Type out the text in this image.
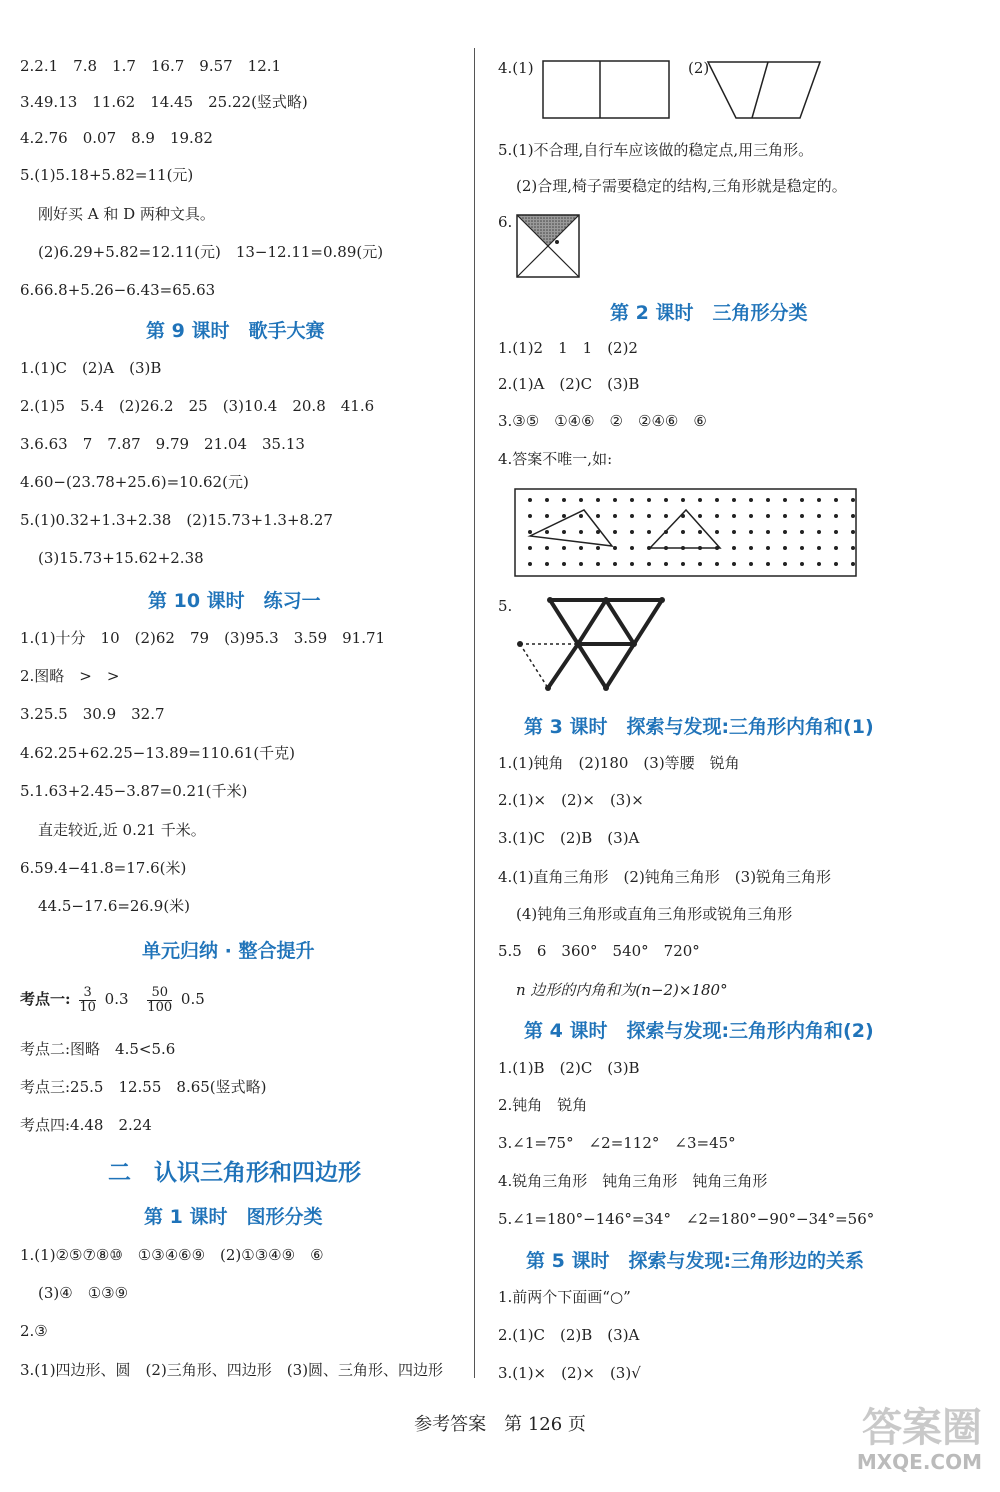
2.2.1　7.8　1.7　16.7　9.57　12.1
3.49.13　11.62　14.45　25.22(竖式略)
4.2.76　0.07　8.9　19.82
5.(1)5.18+5.82=11(元)
刚好买 A 和 D 两种文具。
(2)6.29+5.82=12.11(元)　13−12.11=0.89(元)
6.66.8+5.26−6.43=65.63
第 9 课时　歌手大赛
1.(1)C　(2)A　(3)B
2.(1)5　5.4　(2)26.2　25　(3)10.4　20.8　41.6
3.6.63　7　7.87　9.79　21.04　35.13
4.60−(23.78+25.6)=10.62(元)
5.(1)0.32+1.3+2.38　(2)15.73+1.3+8.27
(3)15.73+15.62+2.38
第 10 课时　练习一
1.(1)十分　10　(2)62　79　(3)95.3　3.59　91.71
2.图略　>　>
3.25.5　30.9　32.7
4.62.25+62.25−13.89=110.61(千克)
5.1.63+2.45−3.87=0.21(千米)
直走较近,近 0.21 千米。
6.59.4−41.8=17.6(米)
44.5−17.6=26.9(米)
单元归纳 · 整合提升
考点一: $\frac{3}{10} 0.3 \frac{50}{100} 0.5$
考点二:图略　4.5<5.6
考点三:25.5　12.55　8.65(竖式略)
考点四:4.48　2.24
二　认识三角形和四边形
第 1 课时　图形分类
1.(1)②⑤⑦⑧⑩　①③④⑥⑨　(2)①③④⑨　⑥
(3)④　①③⑨
2.③
3.(1)四边形、圆　(2)三角形、四边形　(3)圆、三角形、四边形
4.(1)	(2)
5.(1)不合理,自行车应该做的稳定点,用三角形。
(2)合理,椅子需要稳定的结构,三角形就是稳定的。
6.
第 2 课时　三角形分类
1.(1)2　1　1　(2)2
2.(1)A　(2)C　(3)B
3.③⑤　①④⑥　②　②④⑥　⑥
4.答案不唯一,如:
5.
第 3 课时　探索与发现:三角形内角和(1)
1.(1)钝角　(2)180　(3)等腰　锐角
2.(1)×　(2)×　(3)×
3.(1)C　(2)B　(3)A
4.(1)直角三角形　(2)钝角三角形　(3)锐角三角形
(4)钝角三角形或直角三角形或锐角三角形
5.5　6　360°　540°　720°
n 边形的内角和为(n−2)×180°
第 4 课时　探索与发现:三角形内角和(2)
1.(1)B　(2)C　(3)B
2.钝角　锐角
3.∠1=75°　∠2=112°　∠3=45°
4.锐角三角形　钝角三角形　钝角三角形
5.∠1=180°−146°=34°　∠2=180°−90°−34°=56°
第 5 课时　探索与发现:三角形边的关系
1.前两个下面画“○”
2.(1)C　(2)B　(3)A
3.(1)×　(2)×　(3)√
参考答案　第 126 页	答案圈
MXQE.COM
